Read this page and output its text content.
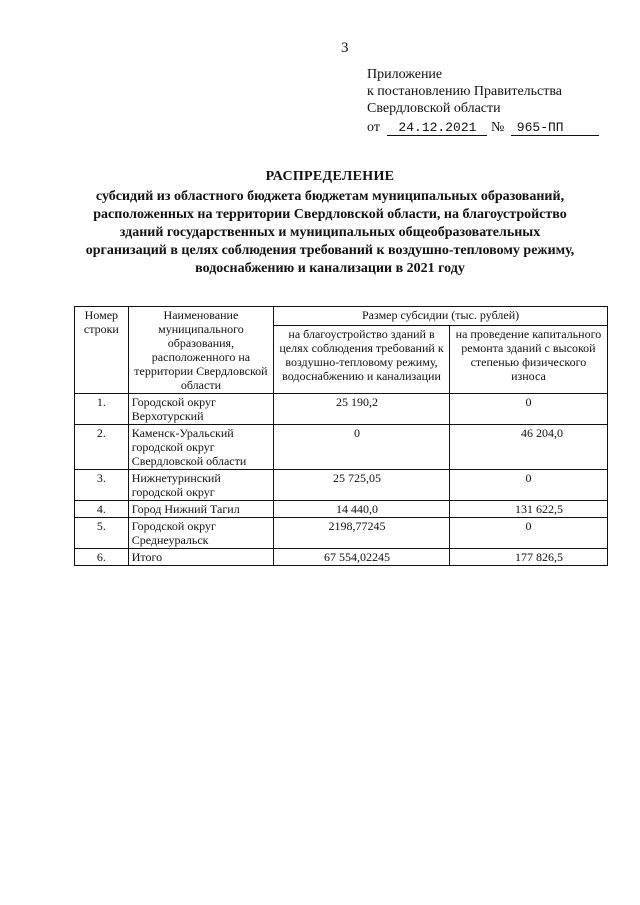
3
Приложение
к постановлению Правительства
Свердловской области
от 24.12.2021 № 965-ПП
РАСПРЕДЕЛЕНИЕ
субсидий из областного бюджета бюджетам муниципальных образований,
расположенных на территории Свердловской области, на благоустройство
зданий государственных и муниципальных общеобразовательных
организаций в целях соблюдения требований к воздушно-тепловому режиму,
водоснабжению и канализации в 2021 году
Номер строки	Наименование муниципального образования, расположенного на территории Свердловской области	Размер субсидии (тыс. рублей)	
		на благоустройство зданий в целях соблюдения требований к воздушно-тепловому режиму, водоснабжению и канализации	на проведение капитального ремонта зданий с высокой степенью физического износа
1.	Городской округ Верхотурский	25 190,2	0
2.	Каменск-Уральский городской округ Свердловской области	0	46 204,0
3.	Нижнетуринский городской округ	25 725,05	0
4.	Город Нижний Тагил	14 440,0	131 622,5
5.	Городской округ Среднеуральск	2198,77245	0
6.	Итого	67 554,02245	177 826,5
